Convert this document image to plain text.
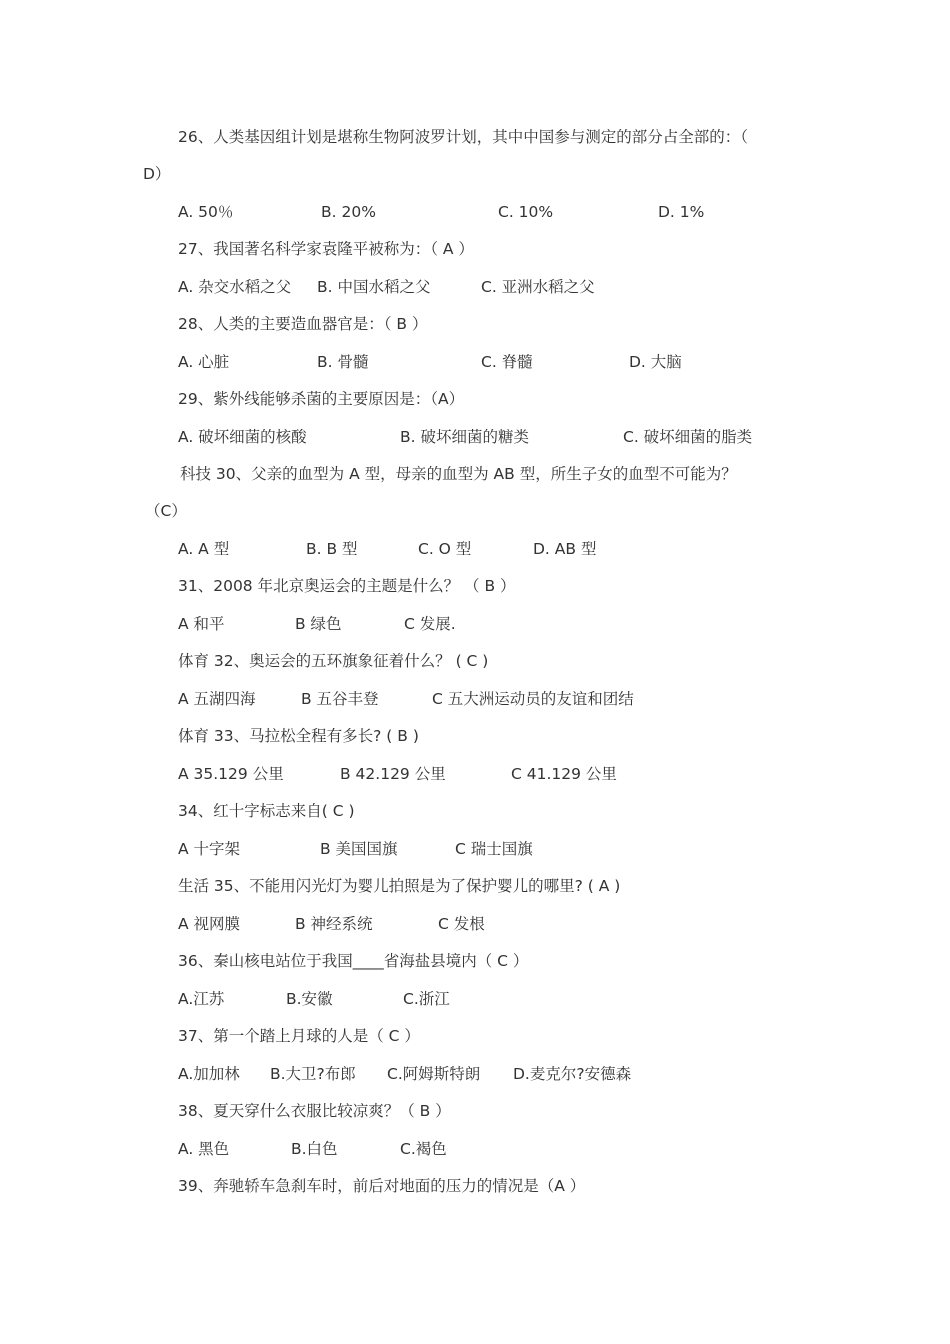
26、人类基因组计划是堪称生物阿波罗计划，其中中国参与测定的部分占全部的：（
D）
A. 50％	B. 20%	C. 10%	D. 1%
27、我国著名科学家袁隆平被称为：（ A ）
A. 杂交水稻之父 B. 中国水稻之父	C. 亚洲水稻之父
28、人类的主要造血器官是：（ B ）
A. 心脏	B. 骨髓	C. 脊髓	D. 大脑
29、紫外线能够杀菌的主要原因是：（A）
A. 破坏细菌的核酸	B. 破坏细菌的糖类	C. 破坏细菌的脂类
科技 30、父亲的血型为 A 型，母亲的血型为 AB 型，所生子女的血型不可能为？
（C）
A. A 型	B. B 型	C. O 型	D. AB 型
31、2008 年北京奥运会的主题是什么？ （ B ）
A 和平	B 绿色	C 发展.
体育 32、奥运会的五环旗象征着什么？ ( C )
A 五湖四海	B 五谷丰登	C 五大洲运动员的友谊和团结
体育 33、马拉松全程有多长? ( B )
A 35.129 公里	B 42.129 公里	C 41.129 公里
34、红十字标志来自( C )
A 十字架	B 美国国旗	C 瑞士国旗
生活 35、不能用闪光灯为婴儿拍照是为了保护婴儿的哪里? ( A )
A 视网膜	B 神经系统	C 发根
36、秦山核电站位于我国____省海盐县境内（ C ）
A.江苏	B.安徽	C.浙江
37、第一个踏上月球的人是（ C ）
A.加加林 B.大卫?布郎 C.阿姆斯特朗 D.麦克尔?安德森
38、夏天穿什么衣服比较凉爽？（ B ）
A. 黑色	B.白色	C.褐色
39、奔驰轿车急刹车时，前后对地面的压力的情况是（A ）
